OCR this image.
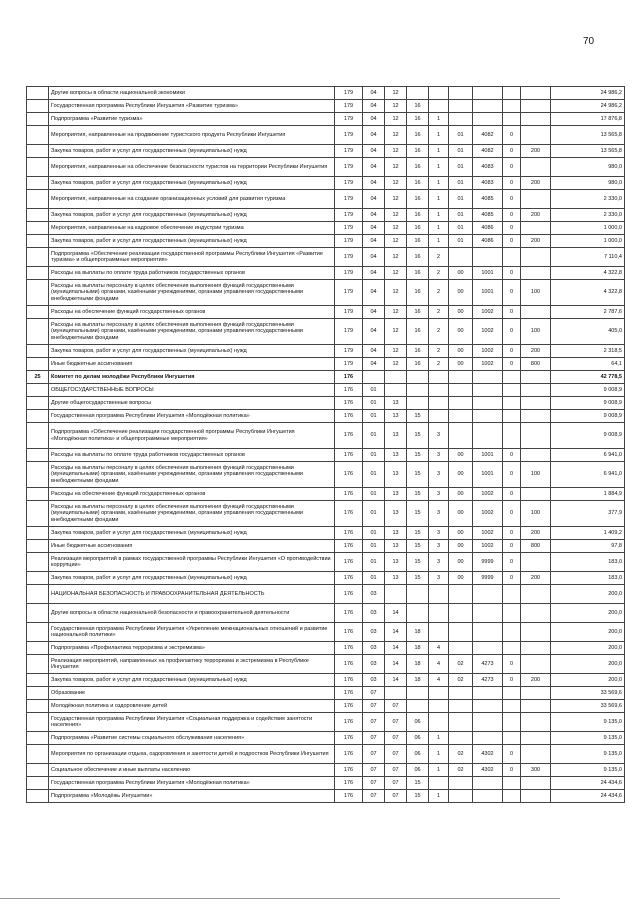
70
	Другие вопросы в области национальной экономики	179	04	12							24 986,2
	Государственная программа Республики Ингушетия «Развитие туризма»	179	04	12	16						24 986,2
	Подпрограмма «Развитие туризма»	179	04	12	16	1					17 876,8
	Мероприятия, направленные на продвижение туристского продукта Республики Ингушетия	179	04	12	16	1	01	4082	0		13 565,8
	Закупка товаров, работ и услуг для государственных (муниципальных) нужд	179	04	12	16	1	01	4082	0	200	13 565,8
	Мероприятия, направленные на обеспечение безопасности туристов на территории Республики Ингушетия	179	04	12	16	1	01	4083	0		980,0
	Закупка товаров, работ и услуг для государственных (муниципальных) нужд	179	04	12	16	1	01	4083	0	200	980,0
	Мероприятия, направленные на создание организационных условий для развития туризма	179	04	12	16	1	01	4085	0		2 330,0
	Закупка товаров, работ и услуг для государственных (муниципальных) нужд	179	04	12	16	1	01	4085	0	200	2 330,0
	Мероприятия, направленные на кадровое обеспечение индустрии туризма	179	04	12	16	1	01	4086	0		1 000,0
	Закупка товаров, работ и услуг для государственных (муниципальных) нужд	179	04	12	16	1	01	4086	0	200	1 000,0
	Подпрограмма «Обеспечение реализации государственной программы Республики Ингушетия «Развитие туризма» и общепрограммные мероприятия»	179	04	12	16	2					7 110,4
	Расходы на выплаты по оплате труда работников государственных органов	179	04	12	16	2	00	1001	0		4 322,8
	Расходы на выплаты персоналу в целях обеспечения выполнения функций государственными (муниципальными) органами, казёнными учреждениями, органами управления государственными внебюджетными фондами	179	04	12	16	2	00	1001	0	100	4 322,8
	Расходы на обеспечение функций государственных органов	179	04	12	16	2	00	1002	0		2 787,6
	Расходы на выплаты персоналу в целях обеспечения выполнения функций государственными (муниципальными) органами, казёнными учреждениями, органами управления государственными внебюджетными фондами	179	04	12	16	2	00	1002	0	100	405,0
	Закупка товаров, работ и услуг для государственных (муниципальных) нужд	179	04	12	16	2	00	1002	0	200	2 318,5
	Иные бюджетные ассигнования	179	04	12	16	2	00	1002	0	800	64,1
25	Комитет по делам молодёжи Республики Ингушетия	176									42 778,5
	ОБЩЕГОСУДАРСТВЕННЫЕ ВОПРОСЫ	176	01								9 008,9
	Другие общегосударственные вопросы	176	01	13							9 008,9
	Государственная программа Республики Ингушетия «Молодёжная политика»	176	01	13	15						9 008,9
	Подпрограмма «Обеспечение реализации государственной программы Республики Ингушетия «Молодёжная политика» и общепрограммные мероприятия»	176	01	13	15	3					9 008,9
	Расходы на выплаты по оплате труда работников государственных органов	176	01	13	15	3	00	1001	0		6 941,0
	Расходы на выплаты персоналу в целях обеспечения выполнения функций государственными (муниципальными) органами, казёнными учреждениями, органами управления государственными внебюджетными фондами	176	01	13	15	3	00	1001	0	100	6 941,0
	Расходы на обеспечение функций государственных органов	176	01	13	15	3	00	1002	0		1 884,9
	Расходы на выплаты персоналу в целях обеспечения выполнения функций государственными (муниципальными) органами, казёнными учреждениями, органами управления государственными внебюджетными фондами	176	01	13	15	3	00	1002	0	100	377,9
	Закупка товаров, работ и услуг для государственных (муниципальных) нужд	176	01	13	15	3	00	1002	0	200	1 409,2
	Иные бюджетные ассигнования	176	01	13	15	3	00	1002	0	800	97,8
	Реализация мероприятий в рамках государственной программы Республики Ингушетия «О противодействии коррупции»	176	01	13	15	3	00	9999	0		183,0
	Закупка товаров, работ и услуг для государственных (муниципальных) нужд	176	01	13	15	3	00	9999	0	200	183,0
	НАЦИОНАЛЬНАЯ БЕЗОПАСНОСТЬ И ПРАВООХРАНИТЕЛЬНАЯ ДЕЯТЕЛЬНОСТЬ	176	03								200,0
	Другие вопросы в области национальной безопасности и правоохранительной деятельности	176	03	14							200,0
	Государственная программа Республики Ингушетия «Укрепление межнациональных отношений и развитие национальной политики»	176	03	14	18						200,0
	Подпрограмма «Профилактика терроризма и экстремизма»	176	03	14	18	4					200,0
	Реализация мероприятий, направленных на профилактику терроризма и экстремизма в Республике Ингушетия	176	03	14	18	4	02	4273	0		200,0
	Закупка товаров, работ и услуг для государственных (муниципальных) нужд	176	03	14	18	4	02	4273	0	200	200,0
	Образование	176	07								33 569,6
	Молодёжная политика и оздоровление детей	176	07	07							33 569,6
	Государственная программа Республики Ингушетия «Социальная поддержка и содействие занятости населения»	176	07	07	06						9 135,0
	Подпрограмма «Развитие системы социального обслуживания населения»	176	07	07	06	1					9 135,0
	Мероприятия по организации отдыха, оздоровления и занятости детей и подростков Республики Ингушетия	176	07	07	06	1	02	4302	0		9 135,0
	Социальное обеспечение и иные выплаты населению	176	07	07	06	1	02	4302	0	300	9 135,0
	Государственная программа Республики Ингушетия «Молодёжная политика»	176	07	07	15						24 434,6
	Подпрограмма «Молодёжь Ингушетии»	176	07	07	15	1					24 434,6
